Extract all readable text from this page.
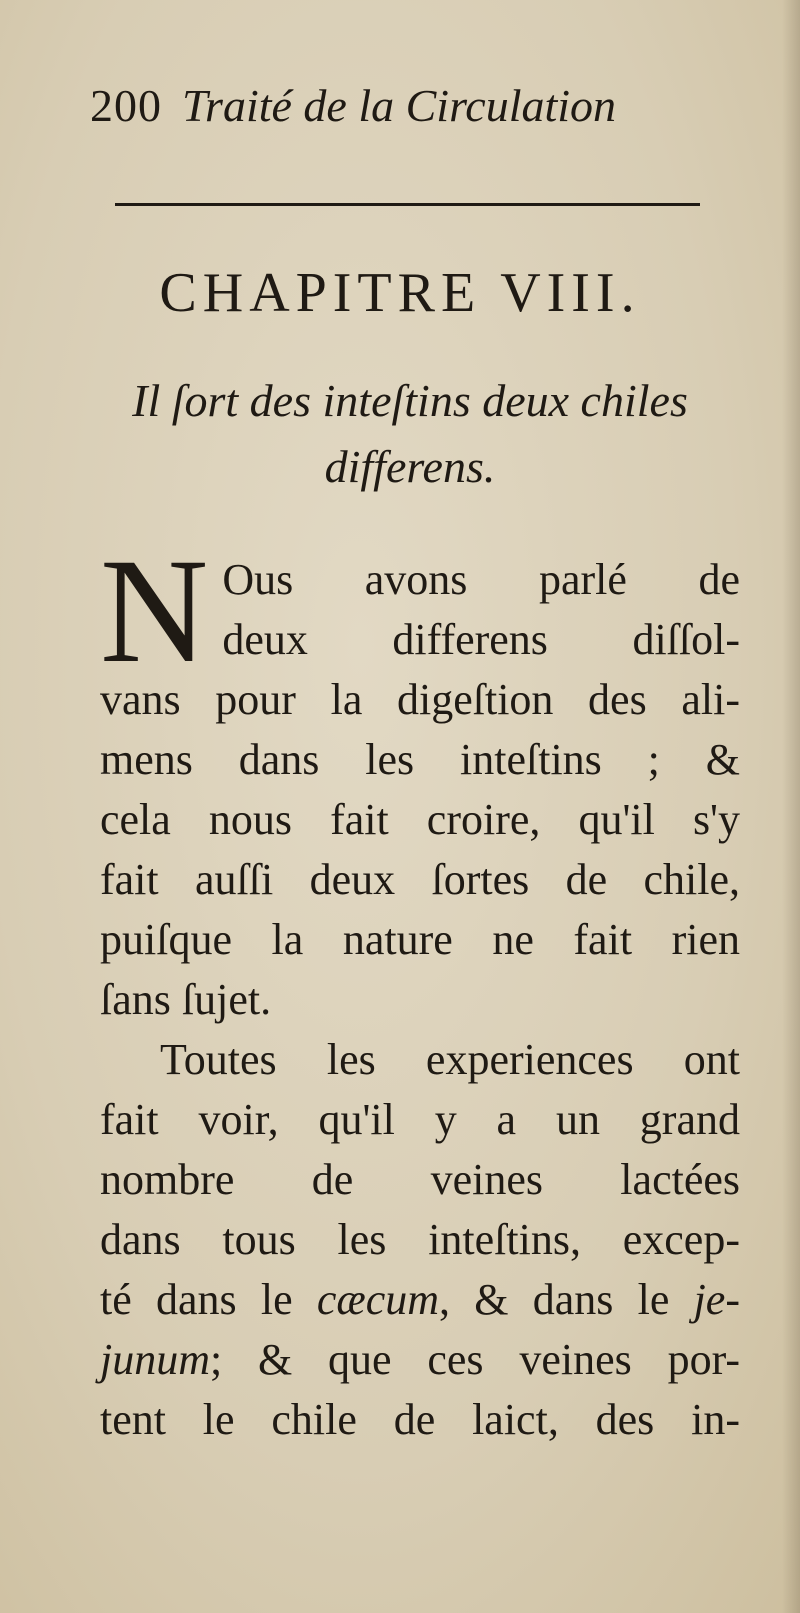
200 Traité de la Circulation
CHAPITRE VIII.
Il ſort des inteſtins deux chiles
differens.
N Ous avons parlé de
deux differens diſſol-
vans pour la digeſtion des ali-
mens dans les inteſtins ; &
cela nous fait croire, qu'il s'y
fait auſſi deux ſortes de chile,
puiſque la nature ne fait rien
ſans ſujet.
Toutes les experiences ont
fait voir, qu'il y a un grand
nombre de veines lactées
dans tous les inteſtins, excep-
té dans le cæcum, & dans le je-
junum; & que ces veines por-
tent le chile de laict, des in-
